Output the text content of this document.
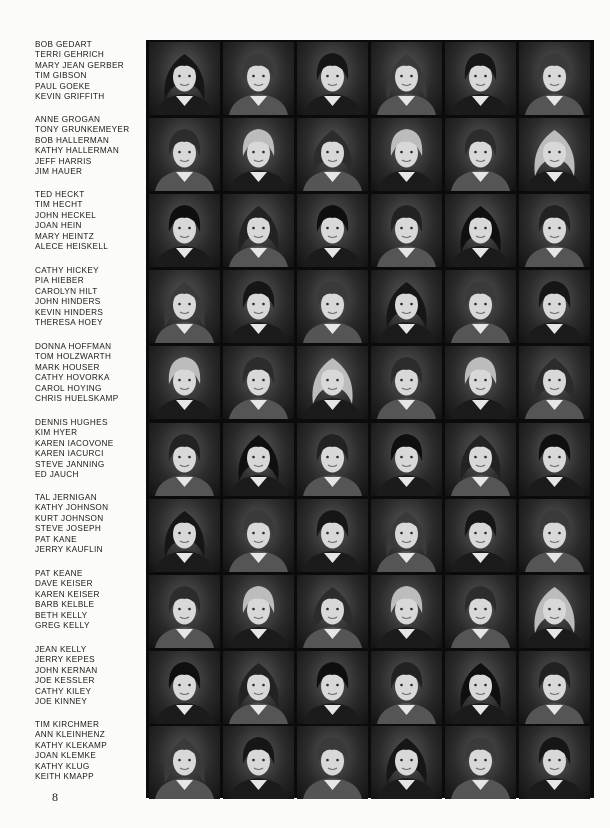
BOB GEDART
TERRI GEHRICH
MARY JEAN GERBER
TIM GIBSON
PAUL GOEKE
KEVIN GRIFFITH
ANNE GROGAN
TONY GRUNKEMEYER
BOB HALLERMAN
KATHY HALLERMAN
JEFF HARRIS
JIM HAUER
TED HECKT
TIM HECHT
JOHN HECKEL
JOAN HEIN
MARY HEINTZ
ALECE HEISKELL
CATHY HICKEY
PIA HIEBER
CAROLYN HILT
JOHN HINDERS
KEVIN HINDERS
THERESA HOEY
DONNA HOFFMAN
TOM HOLZWARTH
MARK HOUSER
CATHY HOVORKA
CAROL HOYING
CHRIS HUELSKAMP
DENNIS HUGHES
KIM HYER
KAREN IACOVONE
KAREN IACURCI
STEVE JANNING
ED JAUCH
TAL JERNIGAN
KATHY JOHNSON
KURT JOHNSON
STEVE JOSEPH
PAT KANE
JERRY KAUFLIN
PAT KEANE
DAVE KEISER
KAREN KEISER
BARB KELBLE
BETH KELLY
GREG KELLY
JEAN KELLY
JERRY KEPES
JOHN KERNAN
JOE KESSLER
CATHY KILEY
JOE KINNEY
TIM KIRCHMER
ANN KLEINHENZ
KATHY KLEKAMP
JOAN KLEMKE
KATHY KLUG
KEITH KMAPP
8
